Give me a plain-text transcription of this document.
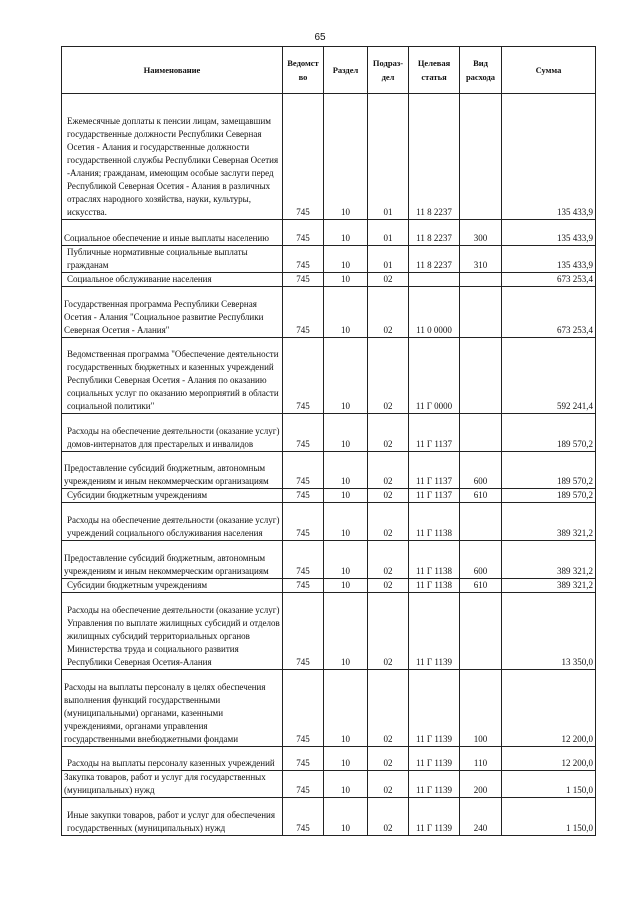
65
Наименование	Ведомст во	Раздел	Подраз- дел	Целевая статья	Вид расхода	Сумма
Ежемесячные доплаты к пенсии лицам, замещавшим государственные должности Республики Северная Осетия - Алания и государственные должности государственной службы Республики Северная Осетия -Алания; гражданам, имеющим особые заслуги перед Республикой Северная Осетия - Алания в различных отраслях народного хозяйства, науки, культуры, искусства.	745	10	01	11 8 2237		135 433,9
Социальное обеспечение и иные выплаты населению	745	10	01	11 8 2237	300	135 433,9
Публичные нормативные социальные выплаты гражданам	745	10	01	11 8 2237	310	135 433,9
Социальное обслуживание населения	745	10	02			673 253,4
Государственная программа Республики Северная Осетия - Алания "Социальное развитие Республики Северная Осетия - Алания"	745	10	02	11 0 0000		673 253,4
Ведомственная программа "Обеспечение деятельности государственных бюджетных и казенных учреждений Республики Северная Осетия - Алания по оказанию социальных услуг по оказанию мероприятий в области социальной политики"	745	10	02	11 Г 0000		592 241,4
Расходы на обеспечение деятельности (оказание услуг) домов-интернатов для престарелых и инвалидов	745	10	02	11 Г 1137		189 570,2
Предоставление субсидий бюджетным, автономным учреждениям и иным некоммерческим организациям	745	10	02	11 Г 1137	600	189 570,2
Субсидии бюджетным учреждениям	745	10	02	11 Г 1137	610	189 570,2
Расходы на обеспечение деятельности (оказание услуг) учреждений социального обслуживания населения	745	10	02	11 Г 1138		389 321,2
Предоставление субсидий бюджетным, автономным учреждениям и иным некоммерческим организациям	745	10	02	11 Г 1138	600	389 321,2
Субсидии бюджетным учреждениям	745	10	02	11 Г 1138	610	389 321,2
Расходы на обеспечение деятельности (оказание услуг) Управления по выплате жилищных субсидий и отделов жилищных субсидий территориальных органов Министерства труда и социального развития Республики Северная Осетия-Алания	745	10	02	11 Г 1139		13 350,0
Расходы на выплаты персоналу в целях обеспечения выполнения функций государственными (муниципальными) органами, казенными учреждениями, органами управления государственными внебюджетными фондами	745	10	02	11 Г 1139	100	12 200,0
Расходы на выплаты персоналу казенных учреждений	745	10	02	11 Г 1139	110	12 200,0
Закупка товаров, работ и услуг для государственных (муниципальных) нужд	745	10	02	11 Г 1139	200	1 150,0
Иные закупки товаров, работ и услуг для обеспечения государственных (муниципальных) нужд	745	10	02	11 Г 1139	240	1 150,0
